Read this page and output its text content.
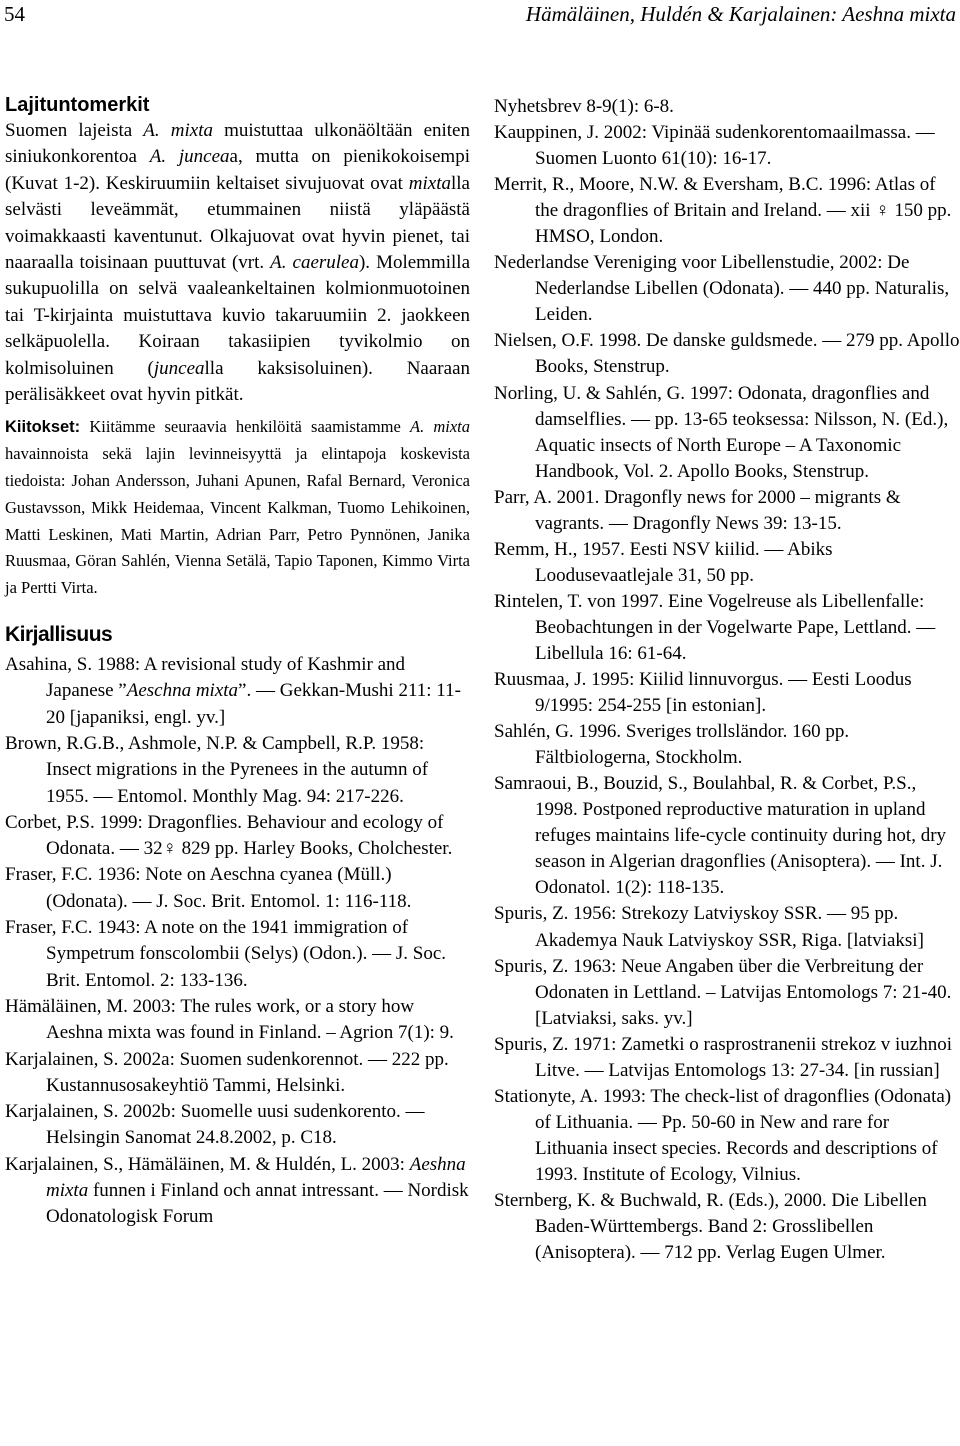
54	Hämäläinen, Huldén & Karjalainen: Aeshna mixta
Lajituntomerkit

Suomen lajeista A. mixta muistuttaa ulkonäöltään eniten siniukonkorentoa A. junceaa, mutta on pienikokoisempi (Kuvat 1-2). Keskiruumiin keltaiset sivujuovat ovat mixtalla selvästi leveämmät, etummainen niistä yläpäästä voimakkaasti kaventunut. Olkajuovat ovat hyvin pienet, tai naaraalla toisinaan puuttuvat (vrt. A. caerulea). Molemmilla sukupuolilla on selvä vaaleankeltainen kolmionmuotoinen tai T-kirjainta muistuttava kuvio takaruumiin 2. jaokkeen selkäpuolella. Koiraan takasiipien tyvikolmio on kolmisoluinen (juncealla kaksisoluinen). Naaraan perälisäkkeet ovat hyvin pitkät.

Kiitokset: Kiitämme seuraavia henkilöitä saamistamme A. mixta havainnoista sekä lajin levinneisyyttä ja elintapoja koskevista tiedoista: Johan Andersson, Juhani Apunen, Rafal Bernard, Veronica Gustavsson, Mikk Heidemaa, Vincent Kalkman, Tuomo Lehikoinen, Matti Leskinen, Mati Martin, Adrian Parr, Petro Pynnönen, Janika Ruusmaa, Göran Sahlén, Vienna Setälä, Tapio Taponen, Kimmo Virta ja Pertti Virta.

Kirjallisuus

Asahina, S. 1988: A revisional study of Kashmir and Japanese ”Aeschna mixta”. — Gekkan-Mushi 211: 11-20 [japaniksi, engl. yv.]

Brown, R.G.B., Ashmole, N.P. & Campbell, R.P. 1958: Insect migrations in the Pyrenees in the autumn of 1955. — Entomol. Monthly Mag. 94: 217-226.

Corbet, P.S. 1999: Dragonflies. Behaviour and ecology of Odonata. — 32♀ 829 pp. Harley Books, Cholchester.

Fraser, F.C. 1936: Note on Aeschna cyanea (Müll.) (Odonata). — J. Soc. Brit. Entomol. 1: 116-118.

Fraser, F.C. 1943: A note on the 1941 immigration of Sympetrum fonscolombii (Selys) (Odon.). — J. Soc. Brit. Entomol. 2: 133-136.

Hämäläinen, M. 2003: The rules work, or a story how Aeshna mixta was found in Finland. – Agrion 7(1): 9.

Karjalainen, S. 2002a: Suomen sudenkorennot. — 222 pp. Kustannusosakeyhtiö Tammi, Helsinki.

Karjalainen, S. 2002b: Suomelle uusi sudenkorento. — Helsingin Sanomat 24.8.2002, p. C18.

Karjalainen, S., Hämäläinen, M. & Huldén, L. 2003: Aeshna mixta funnen i Finland och annat intressant. — Nordisk Odonatologisk Forum

Nyhetsbrev 8-9(1): 6-8.

Kauppinen, J. 2002: Vipinää sudenkorentomaailmassa. — Suomen Luonto 61(10): 16-17.

Merrit, R., Moore, N.W. & Eversham, B.C. 1996: Atlas of the dragonflies of Britain and Ireland. — xii ♀ 150 pp. HMSO, London.

Nederlandse Vereniging voor Libellenstudie, 2002: De Nederlandse Libellen (Odonata). — 440 pp. Naturalis, Leiden.

Nielsen, O.F. 1998. De danske guldsmede. — 279 pp. Apollo Books, Stenstrup.

Norling, U. & Sahlén, G. 1997: Odonata, dragonflies and damselflies. — pp. 13-65 teoksessa: Nilsson, N. (Ed.), Aquatic insects of North Europe – A Taxonomic Handbook, Vol. 2. Apollo Books, Stenstrup.

Parr, A. 2001. Dragonfly news for 2000 – migrants & vagrants. — Dragonfly News 39: 13-15.

Remm, H., 1957. Eesti NSV kiilid. — Abiks Loodusevaatlejale 31, 50 pp.

Rintelen, T. von 1997. Eine Vogelreuse als Libellenfalle: Beobachtungen in der Vogelwarte Pape, Lettland. — Libellula 16: 61-64.

Ruusmaa, J. 1995: Kiilid linnuvorgus. — Eesti Loodus 9/1995: 254-255 [in estonian].

Sahlén, G. 1996. Sveriges trollsländor. 160 pp. Fältbiologerna, Stockholm.

Samraoui, B., Bouzid, S., Boulahbal, R. & Corbet, P.S., 1998. Postponed reproductive maturation in upland refuges maintains life-cycle continuity during hot, dry season in Algerian dragonflies (Anisoptera). — Int. J. Odonatol. 1(2): 118-135.

Spuris, Z. 1956: Strekozy Latviyskoy SSR. — 95 pp. Akademya Nauk Latviyskoy SSR, Riga. [latviaksi]

Spuris, Z. 1963: Neue Angaben über die Verbreitung der Odonaten in Lettland. – Latvijas Entomologs 7: 21-40. [Latviaksi, saks. yv.]

Spuris, Z. 1971: Zametki o rasprostranenii strekoz v iuzhnoi Litve. — Latvijas Entomologs 13: 27-34. [in russian]

Stationyte, A. 1993: The check-list of dragonflies (Odonata) of Lithuania. — Pp. 50-60 in New and rare for Lithuania insect species. Records and descriptions of 1993. Institute of Ecology, Vilnius.

Sternberg, K. & Buchwald, R. (Eds.), 2000. Die Libellen Baden-Württembergs. Band 2: Grosslibellen (Anisoptera). — 712 pp. Verlag Eugen Ulmer.
